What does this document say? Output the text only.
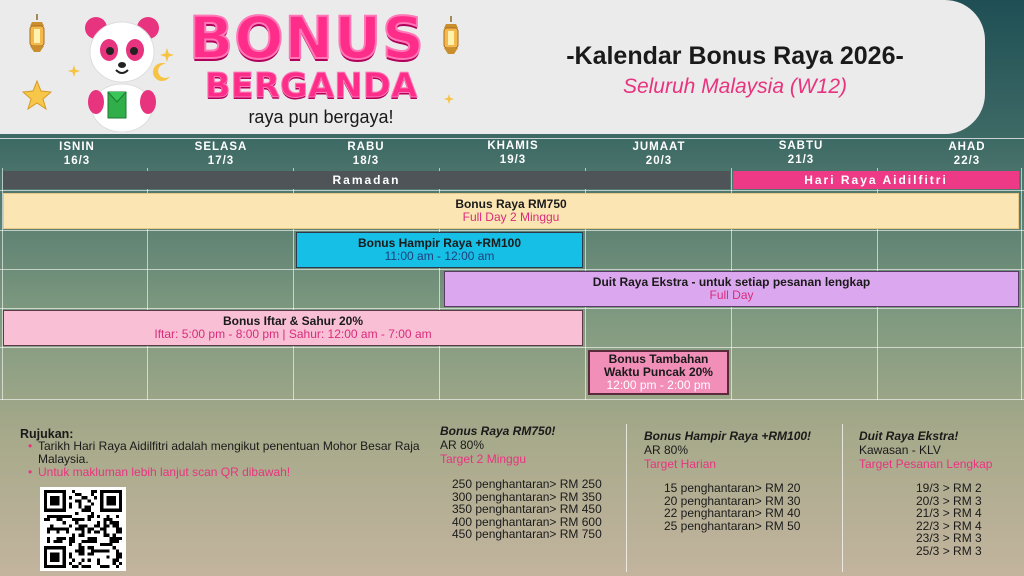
BONUS
BERGANDA
raya pun bergaya!
-Kalendar Bonus Raya 2026-
Seluruh Malaysia (W12)
ISNIN
16/3
SELASA
17/3
RABU
18/3
KHAMIS
19/3
JUMAAT
20/3
SABTU
21/3
AHAD
22/3
Ramadan	Hari Raya Aidilfitri
Bonus Raya RM750
Full Day 2 Minggu
Bonus Hampir Raya +RM100
11:00 am - 12:00 am
Duit Raya Ekstra - untuk setiap pesanan lengkap
Full Day
Bonus Iftar & Sahur 20%
Iftar: 5:00 pm - 8:00 pm | Sahur: 12:00 am - 7:00 am
Bonus Tambahan
Waktu Puncak 20%
12:00 pm - 2:00 pm
Rujukan:
• Tarikh Hari Raya Aidilfitri adalah mengikut penentuan Mohor Besar Raja Malaysia.
• Untuk makluman lebih lanjut scan QR dibawah!
Bonus Raya RM750!
AR 80%
Target 2 Minggu
250 penghantaran> RM 250
300 penghantaran> RM 350
350 penghantaran> RM 450
400 penghantaran> RM 600
450 penghantaran> RM 750
Bonus Hampir Raya +RM100!
AR 80%
Target Harian
15 penghantaran> RM 20
20 penghantaran> RM 30
22 penghantaran> RM 40
25 penghantaran> RM 50
Duit Raya Ekstra!
Kawasan - KLV
Target Pesanan Lengkap
19/3 > RM 2
20/3 > RM 3
21/3 > RM 4
22/3 > RM 4
23/3 > RM 3
25/3 > RM 3
